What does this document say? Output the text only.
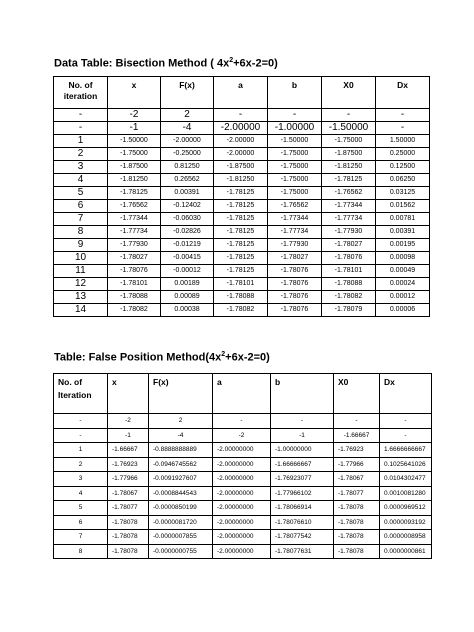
Data Table: Bisection Method ( $4x^2+6x-2=0$)
No. of iteration	x	F(x)	a	b	X0	Dx
-	-2	2	-	-	-	-
-	-1	-4	-2.00000	-1.00000	-1.50000	-
1	-1.50000	-2.00000	-2.00000	-1.50000	-1.75000	1.50000
2	-1.75000	-0.25000	-2.00000	-1.75000	-1.87500	0.25000
3	-1.87500	0.81250	-1.87500	-1.75000	-1.81250	0.12500
4	-1.81250	0.26562	-1.81250	-1.75000	-1.78125	0.06250
5	-1.78125	0.00391	-1.78125	-1.75000	-1.76562	0.03125
6	-1.76562	-0.12402	-1.78125	-1.76562	-1.77344	0.01562
7	-1.77344	-0.06030	-1.78125	-1.77344	-1.77734	0.00781
8	-1.77734	-0.02826	-1.78125	-1.77734	-1.77930	0.00391
9	-1.77930	-0.01219	-1.78125	-1.77930	-1.78027	0.00195
10	-1.78027	-0.00415	-1.78125	-1.78027	-1.78076	0.00098
11	-1.78076	-0.00012	-1.78125	-1.78076	-1.78101	0.00049
12	-1.78101	0.00189	-1.78101	-1.78076	-1.78088	0.00024
13	-1.78088	0.00089	-1.78088	-1.78076	-1.78082	0.00012
14	-1.78082	0.00038	-1.78082	-1.78076	-1.78079	0.00006
Table: False Position $Method(4x^2+6x-2=0)$
No. of Iteration	x	F(x)	a	b	X0	Dx
-	-2	2	-	-	-	-
-	-1	-4	-2	-1	-1.66667	-
1	-1.66667	-0.8888888889	-2.00000000	-1.00000000	-1.76923	1.6666666667
2	-1.76923	-0.0946745562	-2.00000000	-1.66666667	-1.77966	0.1025641026
3	-1.77966	-0.0091927607	-2.00000000	-1.76923077	-1.78067	0.0104302477
4	-1.78067	-0.0008844543	-2.00000000	-1.77966102	-1.78077	0.0010081280
5	-1.78077	-0.0000850199	-2.00000000	-1.78066914	-1.78078	0.0000969512
6	-1.78078	-0.0000081720	-2.00000000	-1.78076610	-1.78078	0.0000093192
7	-1.78078	-0.0000007855	-2.00000000	-1.78077542	-1.78078	0.0000008958
8	-1.78078	-0.0000000755	-2.00000000	-1.78077631	-1.78078	0.0000000861
